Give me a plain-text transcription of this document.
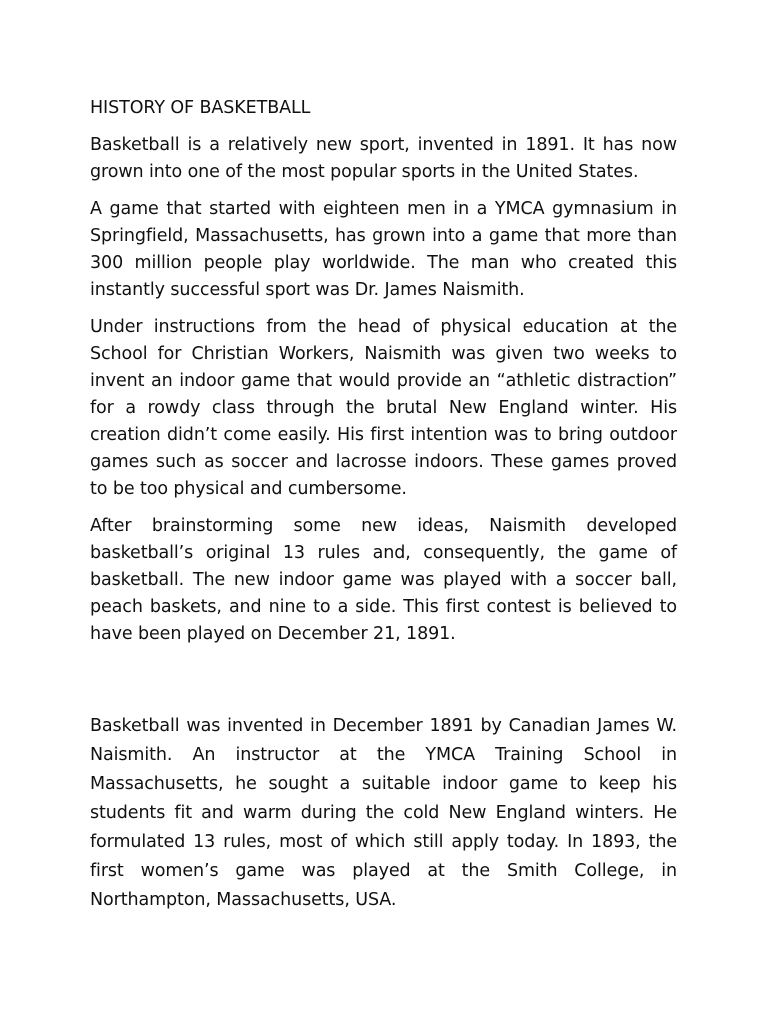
HISTORY OF BASKETBALL

Basketball is a relatively new sport, invented in 1891. It has now grown into one of the most popular sports in the United States.

A game that started with eighteen men in a YMCA gymnasium in Springfield, Massachusetts, has grown into a game that more than 300 million people play worldwide. The man who created this instantly successful sport was Dr. James Naismith.

Under instructions from the head of physical education at the School for Christian Workers, Naismith was given two weeks to invent an indoor game that would provide an “athletic distraction” for a rowdy class through the brutal New England winter. His creation didn’t come easily. His first intention was to bring outdoor games such as soccer and lacrosse indoors. These games proved to be too physical and cumbersome.

After brainstorming some new ideas, Naismith developed basketball’s original 13 rules and, consequently, the game of basketball. The new indoor game was played with a soccer ball, peach baskets, and nine to a side. This first contest is believed to have been played on December 21, 1891.

Basketball was invented in December 1891 by Canadian James W. Naismith. An instructor at the YMCA Training School in Massachusetts, he sought a suitable indoor game to keep his students fit and warm during the cold New England winters. He formulated 13 rules, most of which still apply today. In 1893, the first women’s game was played at the Smith College, in Northampton, Massachusetts, USA.
